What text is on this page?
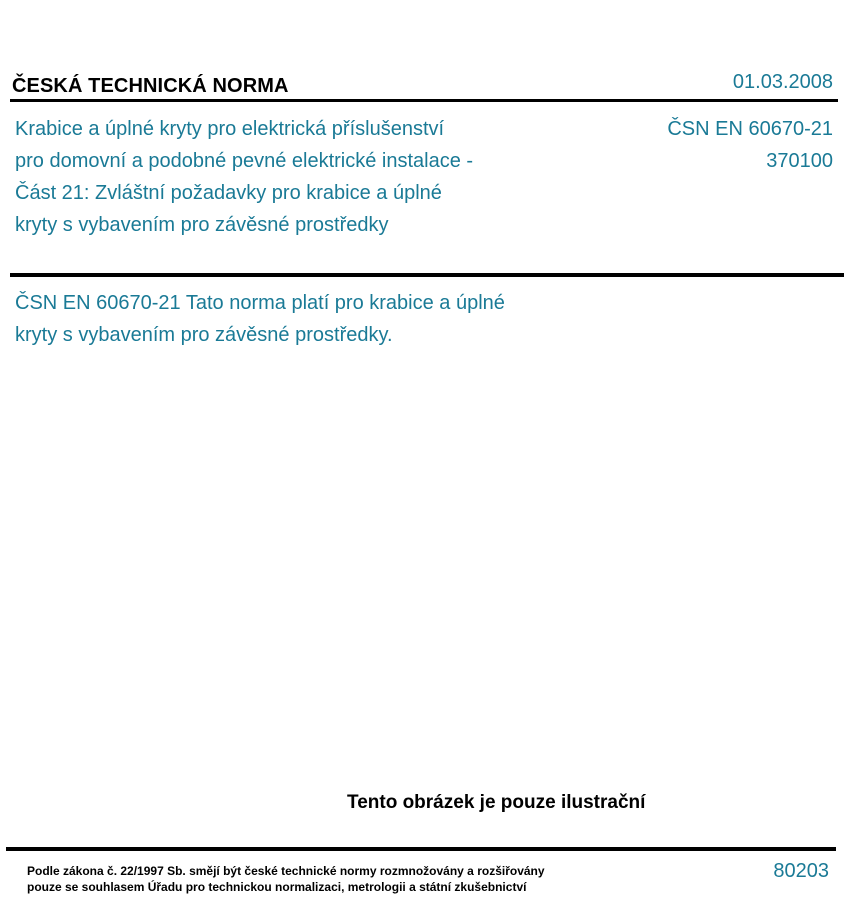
ČESKÁ TECHNICKÁ NORMA	01.03.2008
Krabice a úplné kryty pro elektrická příslušenství
pro domovní a podobné pevné elektrické instalace -
Část 21: Zvláštní požadavky pro krabice a úplné
kryty s vybavením pro závěsné prostředky
ČSN EN 60670-21
370100
ČSN EN 60670-21 Tato norma platí pro krabice a úplné
kryty s vybavením pro závěsné prostředky.
Tento obrázek je pouze ilustrační
Podle zákona č. 22/1997 Sb. smějí být české technické normy rozmnožovány a rozšiřovány
pouze se souhlasem Úřadu pro technickou normalizaci, metrologii a státní zkušebnictví
80203
